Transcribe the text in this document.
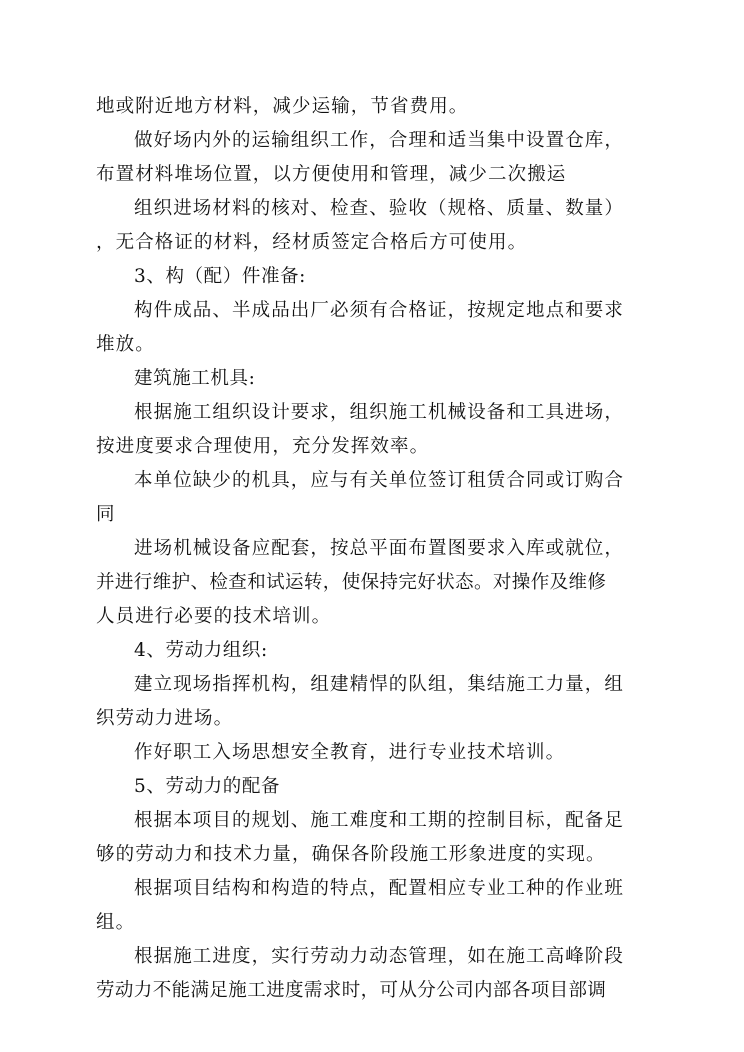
地或附近地方材料，减少运输，节省费用。
做好场内外的运输组织工作，合理和适当集中设置仓库，
布置材料堆场位置，以方便使用和管理，减少二次搬运
组织进场材料的核对、检查、验收（规格、质量、数量）
，无合格证的材料，经材质签定合格后方可使用。
3、构（配）件准备:
构件成品、半成品出厂必须有合格证，按规定地点和要求
堆放。
建筑施工机具:
根据施工组织设计要求，组织施工机械设备和工具进场，
按进度要求合理使用，充分发挥效率。
本单位缺少的机具，应与有关单位签订租赁合同或订购合
同
进场机械设备应配套，按总平面布置图要求入库或就位，
并进行维护、检查和试运转，使保持完好状态。对操作及维修
人员进行必要的技术培训。
4、劳动力组织:
建立现场指挥机构，组建精悍的队组，集结施工力量，组
织劳动力进场。
作好职工入场思想安全教育，进行专业技术培训。
5、劳动力的配备
根据本项目的规划、施工难度和工期的控制目标，配备足
够的劳动力和技术力量，确保各阶段施工形象进度的实现。
根据项目结构和构造的特点，配置相应专业工种的作业班
组。
根据施工进度，实行劳动力动态管理，如在施工高峰阶段
劳动力不能满足施工进度需求时，可从分公司内部各项目部调
